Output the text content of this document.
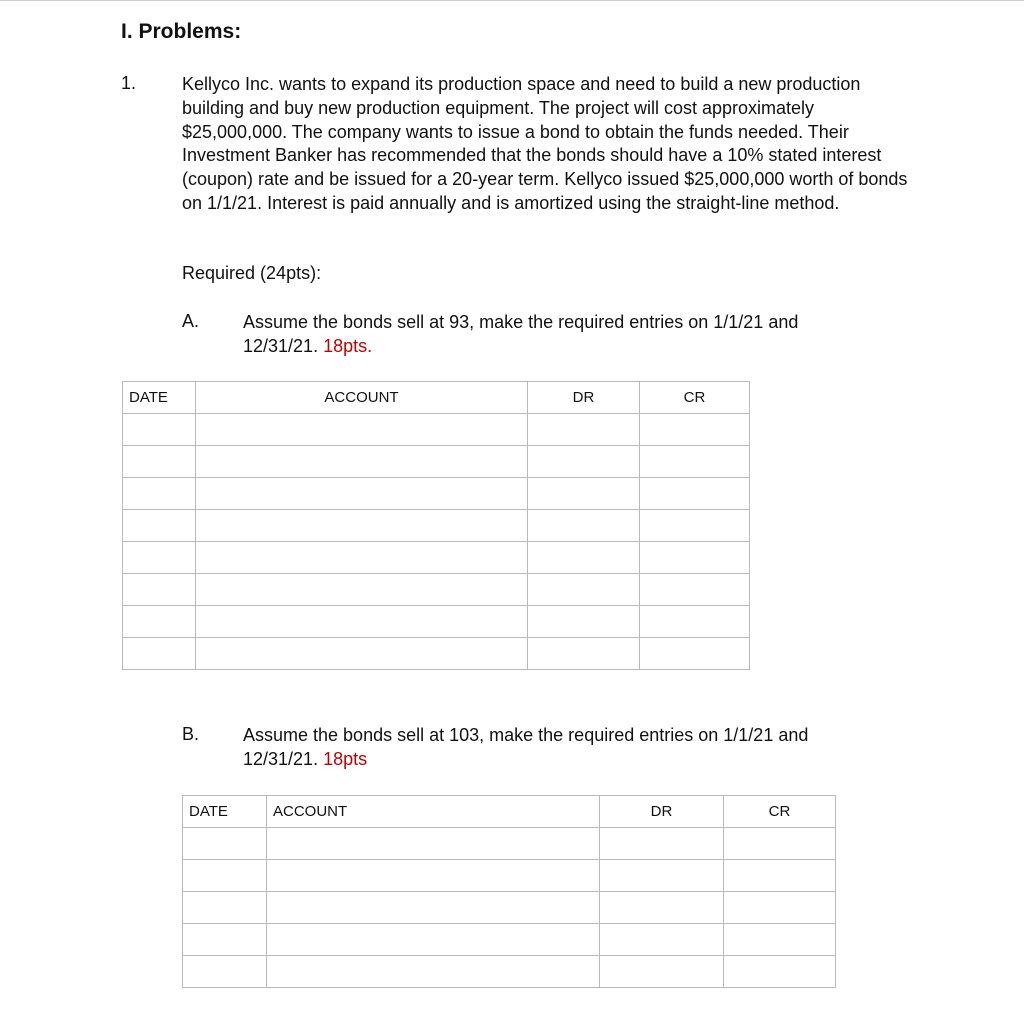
I. Problems:
1.	Kellyco Inc. wants to expand its production space and need to build a new production building and buy new production equipment. The project will cost approximately $25,000,000. The company wants to issue a bond to obtain the funds needed. Their Investment Banker has recommended that the bonds should have a 10% stated interest (coupon) rate and be issued for a 20-year term. Kellyco issued $25,000,000 worth of bonds on 1/1/21. Interest is paid annually and is amortized using the straight-line method.
Required (24pts):
A. Assume the bonds sell at 93, make the required entries on 1/1/21 and 12/31/21. 18pts.
DATE	ACCOUNT	DR	CR

B. Assume the bonds sell at 103, make the required entries on 1/1/21 and 12/31/21. 18pts
DATE	ACCOUNT	DR	CR
